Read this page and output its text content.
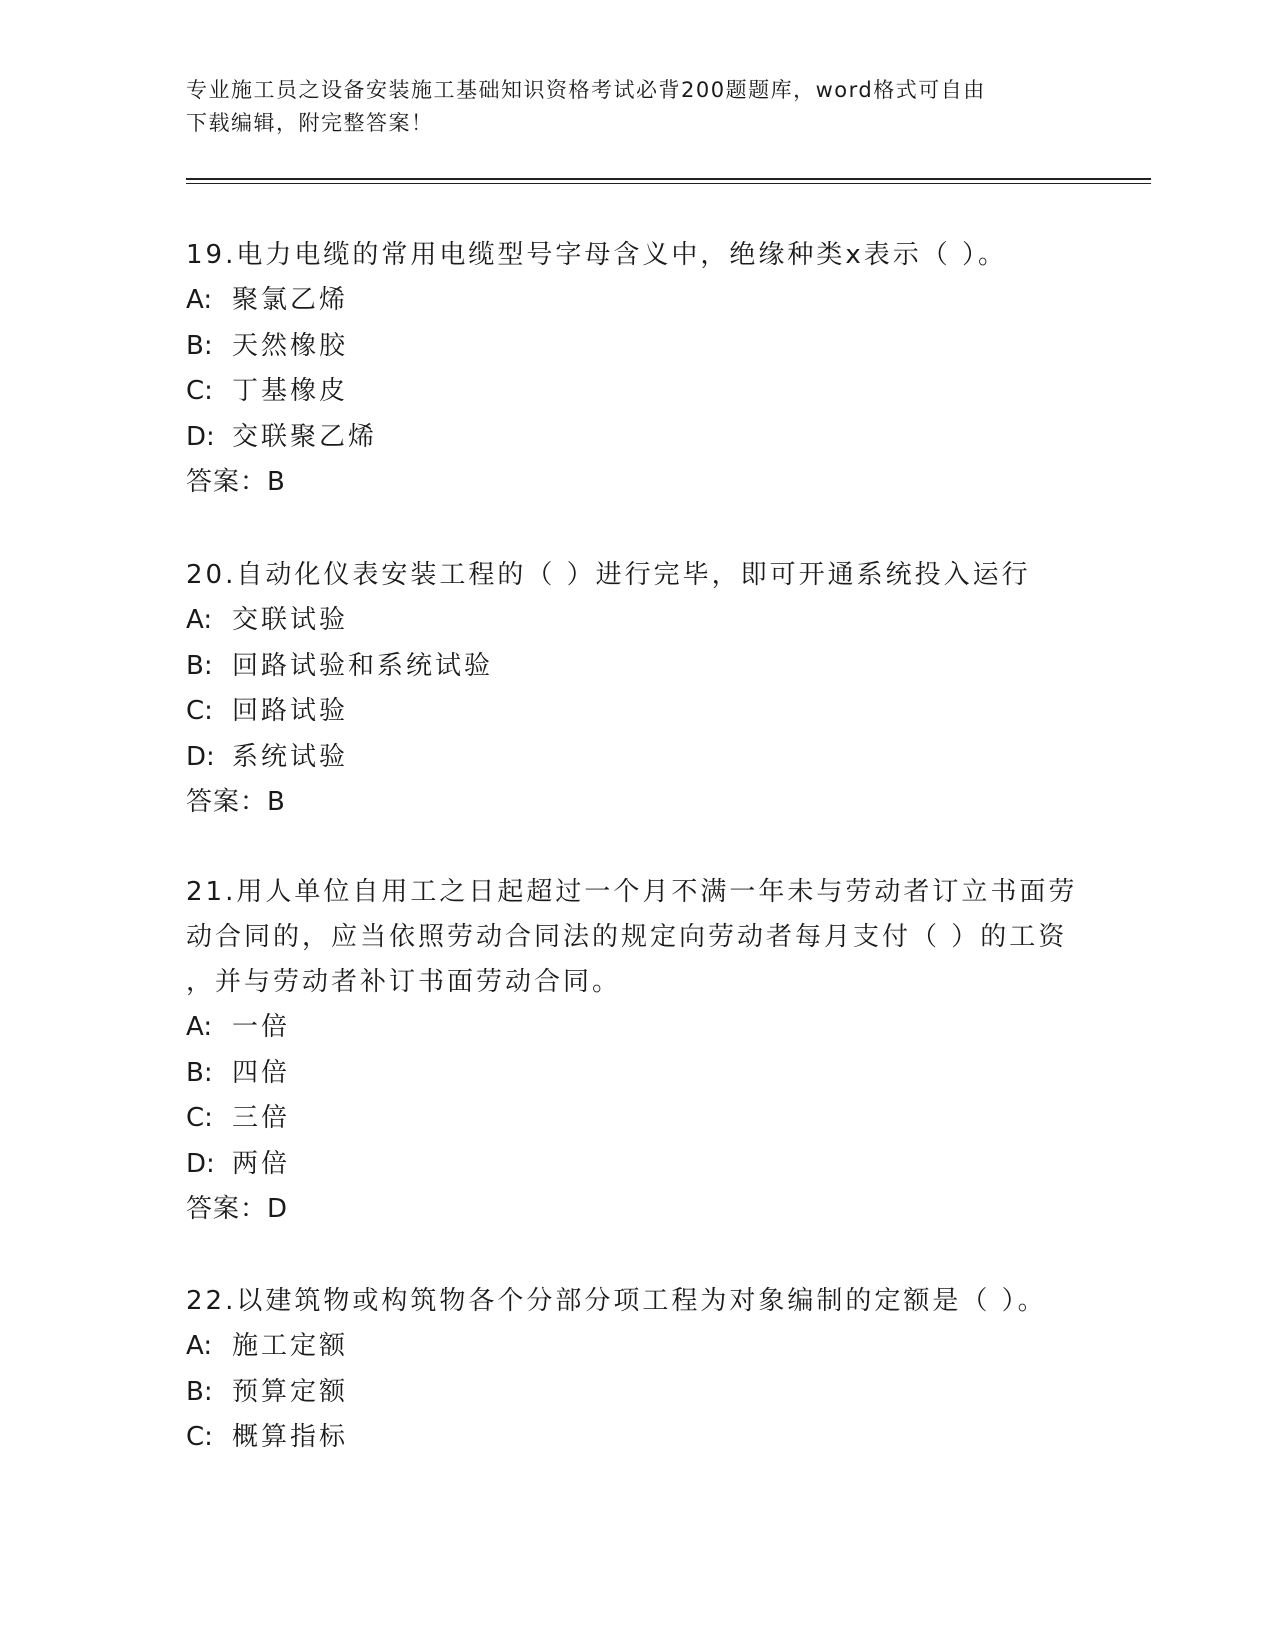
专业施工员之设备安装施工基础知识资格考试必背200题题库，word格式可自由
下载编辑，附完整答案！

19.电力电缆的常用电缆型号字母含义中，绝缘种类x表示（ ）。

A: 聚氯乙烯

B: 天然橡胶

C: 丁基橡皮

D: 交联聚乙烯

答案：B

20.自动化仪表安装工程的（ ）进行完毕，即可开通系统投入运行

A: 交联试验

B: 回路试验和系统试验

C: 回路试验

D: 系统试验

答案：B

21.用人单位自用工之日起超过一个月不满一年未与劳动者订立书面劳

动合同的，应当依照劳动合同法的规定向劳动者每月支付（ ）的工资

，并与劳动者补订书面劳动合同。

A: 一倍

B: 四倍

C: 三倍

D: 两倍

答案：D

22.以建筑物或构筑物各个分部分项工程为对象编制的定额是（ ）。

A: 施工定额

B: 预算定额

C: 概算指标
